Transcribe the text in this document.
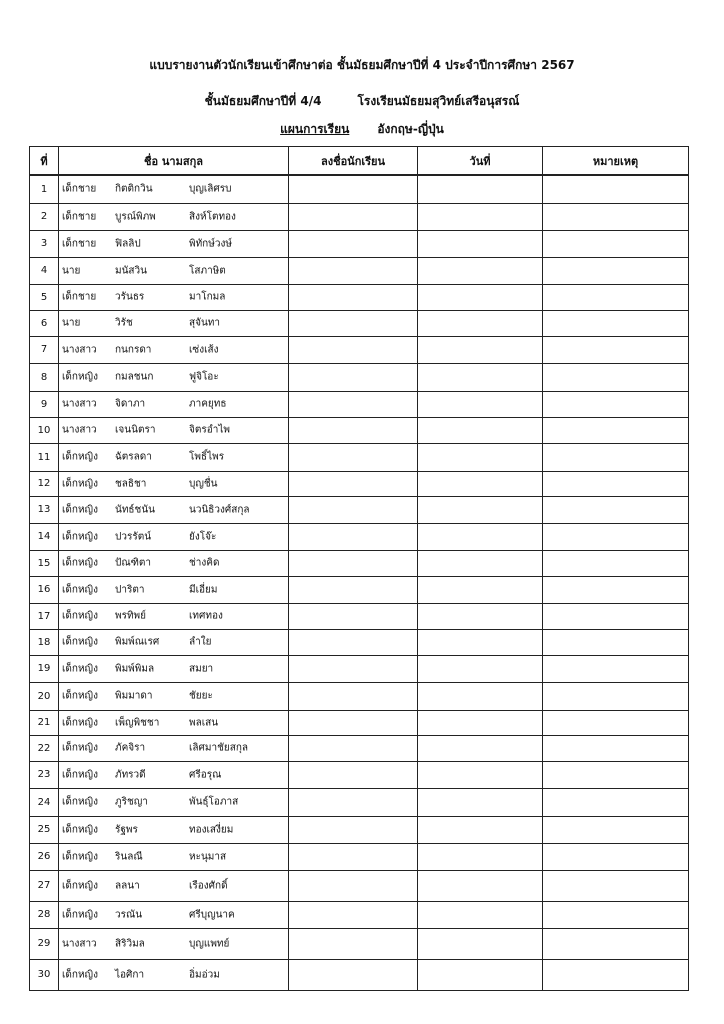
แบบรายงานตัวนักเรียนเข้าศึกษาต่อ ชั้นมัธยมศึกษาปีที่ 4 ประจำปีการศึกษา 2567
ชั้นมัธยมศึกษาปีที่ 4/4	โรงเรียนมัธยมสุวิทย์เสรีอนุสรณ์
แผนการเรียน อังกฤษ-ญี่ปุ่น
ที่	ชื่อ นามสกุล	ลงชื่อนักเรียน	วันที่	หมายเหตุ
1	เด็กชาย กิตติกวิน บุญเลิศรบ			

2	เด็กชาย บูรณ์พิภพ สิงห์โตทอง			

3	เด็กชาย ฟิลลิป พิทักษ์วงษ์			

4	นาย มนัสวิน โสภาษิต			

5	เด็กชาย วรันธร มาโกมล			

6	นาย วิรัช สุจันทา			

7	นางสาว กนกรดา เซ่งเส้ง			

8	เด็กหญิง กมลชนก ฟูจิโอะ			

9	นางสาว จิดาภา ภาคยุทธ			

10	นางสาว เจนนิตรา จิตรอำไพ			

11	เด็กหญิง ฉัตรลดา โพธิ์ไพร			

12	เด็กหญิง ชลธิชา บุญชื่น			

13	เด็กหญิง นัทธ์ชนัน นวนิธิวงศ์สกุล			

14	เด็กหญิง ปวรรัตน์ ยังโจ๊ะ			

15	เด็กหญิง ปัณฑิตา ช่างคิด			

16	เด็กหญิง ปาริตา มีเอี่ยม			

17	เด็กหญิง พรทิพย์ เทศทอง			

18	เด็กหญิง พิมพ์ณเรศ ลำใย			

19	เด็กหญิง พิมพ์พิมล สมยา			

20	เด็กหญิง พิมมาดา ชัยยะ			

21	เด็กหญิง เพ็ญพิชชา พลเสน			

22	เด็กหญิง ภัคจิรา เลิศมาชัยสกุล			

23	เด็กหญิง ภัทรวดี ศรีอรุณ			

24	เด็กหญิง ภูริชญา พันธุ์โอภาส			

25	เด็กหญิง รัฐพร ทองเสงี่ยม			

26	เด็กหญิง รินลณี หะนุมาส			

27	เด็กหญิง ลลนา เรืองศักดิ์			

28	เด็กหญิง วรณัน ศรีบุญนาค			

29	นางสาว สิริวิมล บุญแพทย์			

30	เด็กหญิง ไอศิกา อิ่มอ่วม			
